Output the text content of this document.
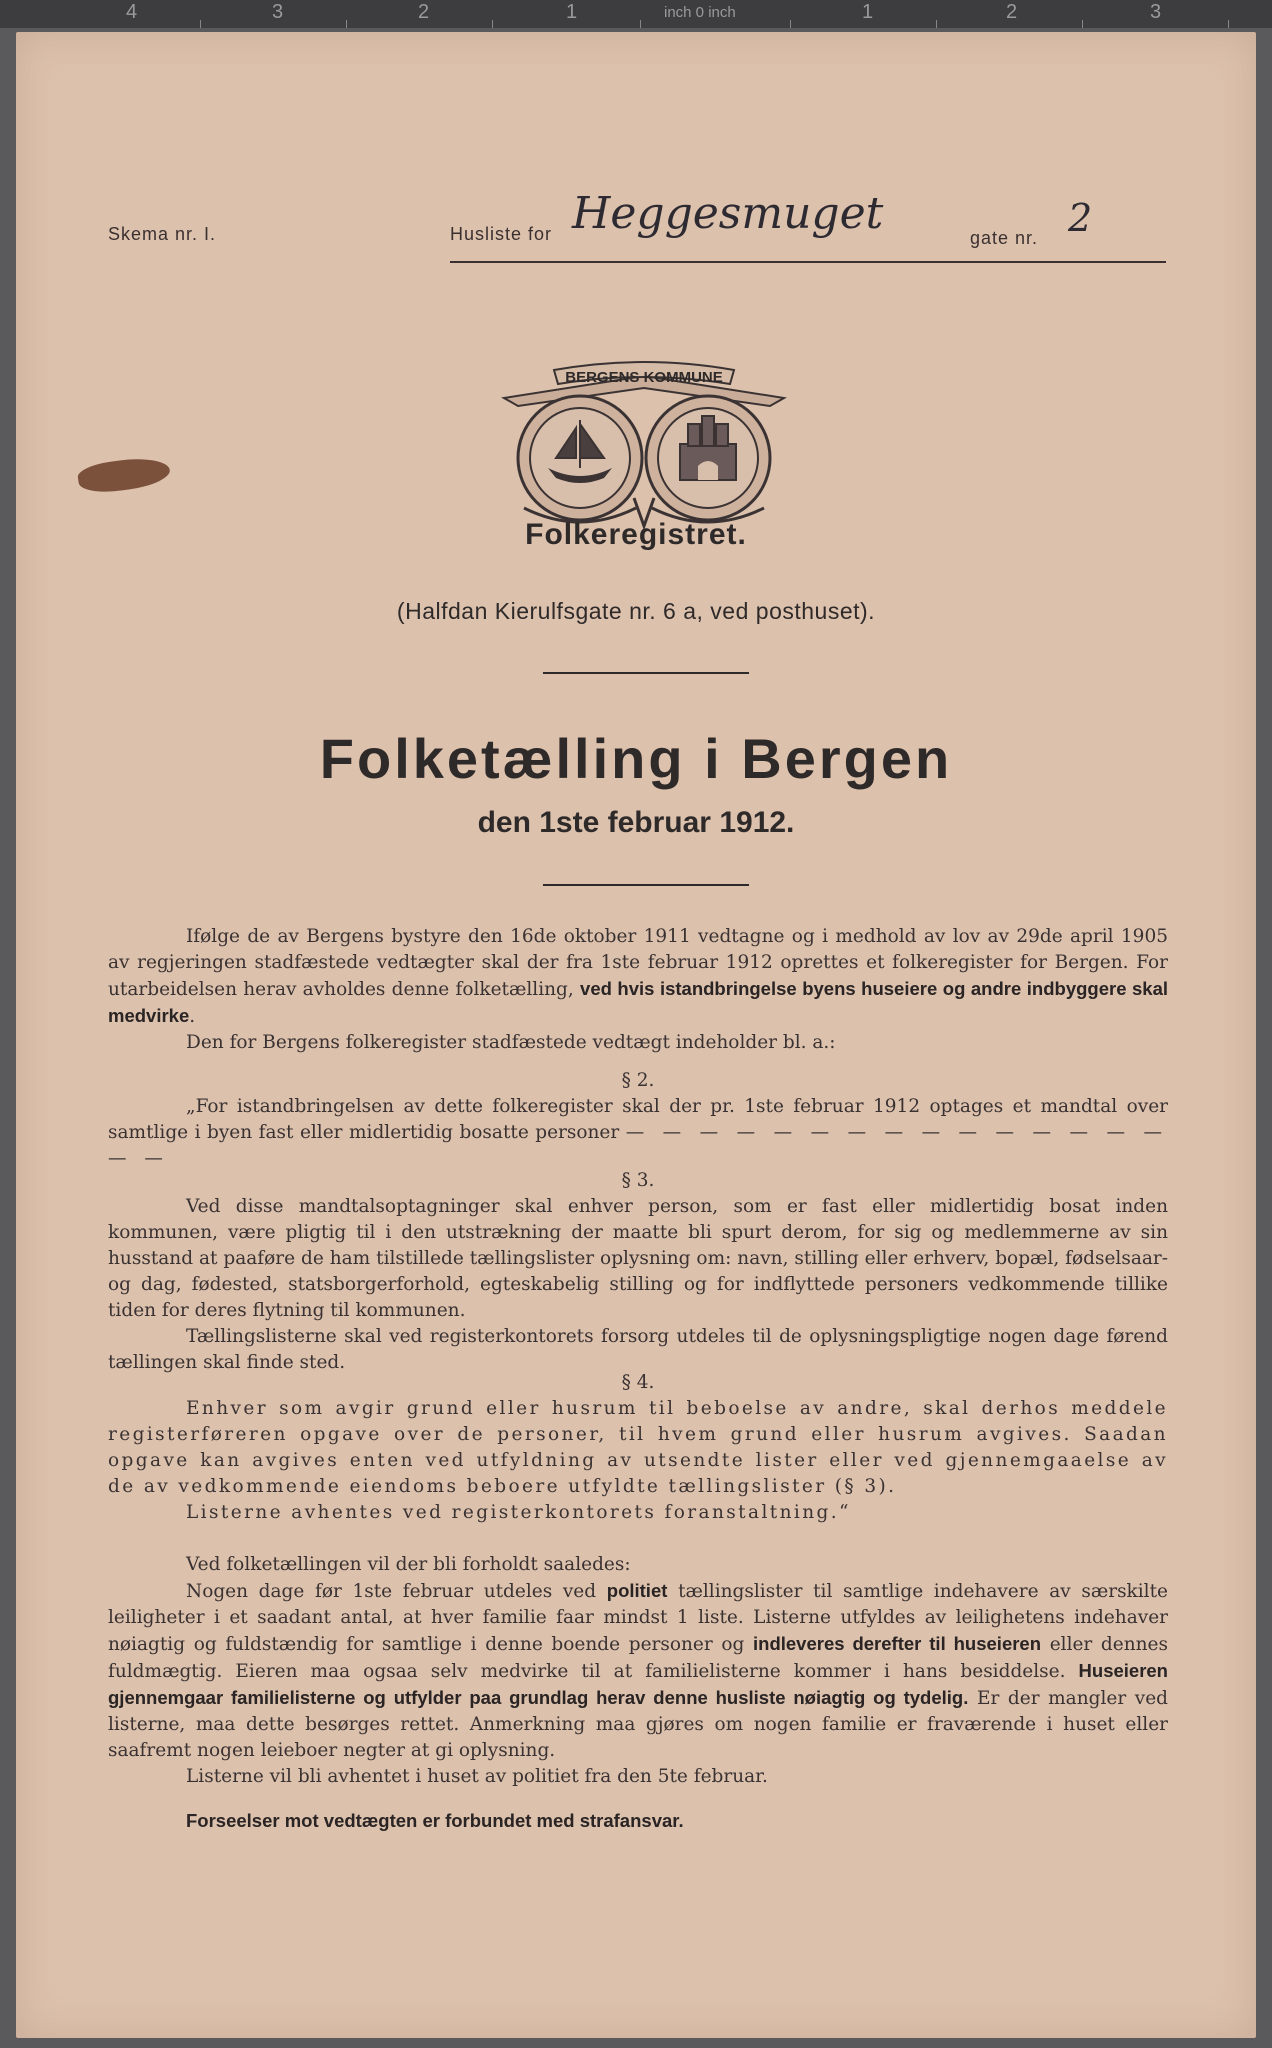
4	3	2	1	inch 0 inch	1	2	3
Skema nr. I.	Husliste for Heggesmuget	gate nr. 2
BERGENS KOMMUNE
Folkeregistret.
(Halfdan Kierulfsgate nr. 6 a, ved posthuset).
Folketælling i Bergen
den 1ste februar 1912.

Ifølge de av Bergens bystyre den 16de oktober 1911 vedtagne og i medhold av lov av 29de april 1905 av regjeringen stadfæstede vedtægter skal der fra 1ste februar 1912 oprettes et folkeregister for Bergen. For utarbeidelsen herav avholdes denne folketælling, ved hvis istandbringelse byens huseiere og andre indbyggere skal medvirke.

Den for Bergens folkeregister stadfæstede vedtægt indeholder bl. a.:

§ 2.

„For istandbringelsen av dette folkeregister skal der pr. 1ste februar 1912 optages et mandtal over samtlige i byen fast eller midlertidig bosatte personer — — — — — — — — — — — — — — — — —

§ 3.

Ved disse mandtalsoptagninger skal enhver person, som er fast eller midlertidig bosat inden kommunen, være pligtig til i den utstrækning der maatte bli spurt derom, for sig og medlemmerne av sin husstand at paaføre de ham tilstillede tællingslister oplysning om: navn, stilling eller erhverv, bopæl, fødselsaar- og dag, fødested, statsborgerforhold, egteskabelig stilling og for indflyttede personers vedkommende tillike tiden for deres flytning til kommunen.

Tællingslisterne skal ved registerkontorets forsorg utdeles til de oplysningspligtige nogen dage førend tællingen skal finde sted.

§ 4.

Enhver som avgir grund eller husrum til beboelse av andre, skal derhos meddele registerføreren opgave over de personer, til hvem grund eller husrum avgives. Saadan opgave kan avgives enten ved utfyldning av utsendte lister eller ved gjennemgaaelse av de av vedkommende eiendoms beboere utfyldte tællingslister (§ 3).

Listerne avhentes ved registerkontorets foranstaltning.“

Ved folketællingen vil der bli forholdt saaledes:

Nogen dage før 1ste februar utdeles ved politiet tællingslister til samtlige indehavere av særskilte leiligheter i et saadant antal, at hver familie faar mindst 1 liste. Listerne utfyldes av leilighetens indehaver nøiagtig og fuldstændig for samtlige i denne boende personer og indleveres derefter til huseieren eller dennes fuldmægtig. Eieren maa ogsaa selv medvirke til at familielisterne kommer i hans besiddelse. Huseieren gjennemgaar familielisterne og utfylder paa grundlag herav denne husliste nøiagtig og tydelig. Er der mangler ved listerne, maa dette besørges rettet. Anmerkning maa gjøres om nogen familie er fraværende i huset eller saafremt nogen leieboer negter at gi oplysning.

Listerne vil bli avhentet i huset av politiet fra den 5te februar.

Forseelser mot vedtægten er forbundet med strafansvar.
